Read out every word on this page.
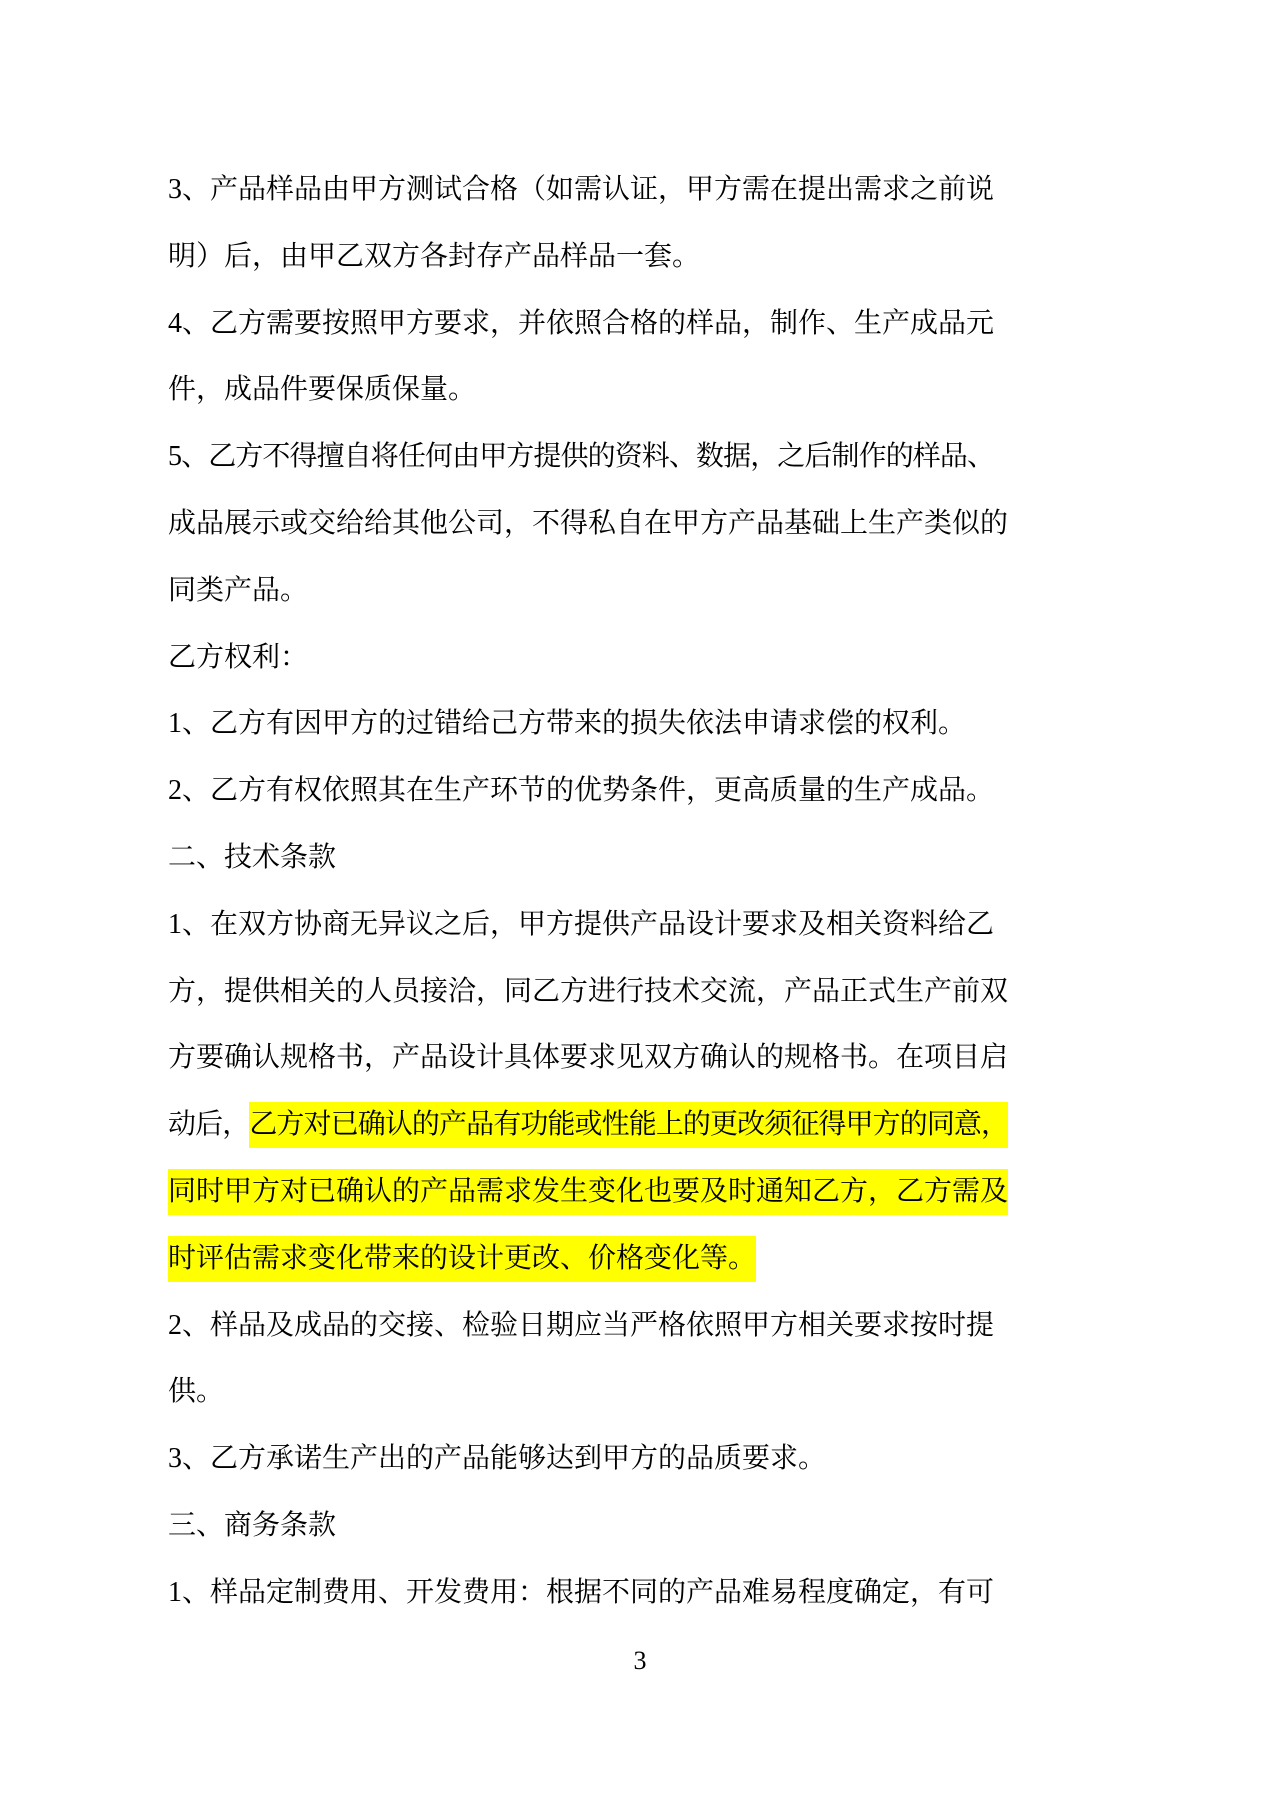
3、产品样品由甲方测试合格（如需认证，甲方需在提出需求之前说
明）后，由甲乙双方各封存产品样品一套。
4、乙方需要按照甲方要求，并依照合格的样品，制作、生产成品元
件，成品件要保质保量。
5、乙方不得擅自将任何由甲方提供的资料、数据，之后制作的样品、
成品展示或交给给其他公司，不得私自在甲方产品基础上生产类似的
同类产品。
乙方权利：
1、乙方有因甲方的过错给己方带来的损失依法申请求偿的权利。
2、乙方有权依照其在生产环节的优势条件，更高质量的生产成品。
二、技术条款
1、在双方协商无异议之后，甲方提供产品设计要求及相关资料给乙
方，提供相关的人员接洽，同乙方进行技术交流，产品正式生产前双
方要确认规格书，产品设计具体要求见双方确认的规格书。在项目启
动后，乙方对已确认的产品有功能或性能上的更改须征得甲方的同意，
同时甲方对已确认的产品需求发生变化也要及时通知乙方，乙方需及
时评估需求变化带来的设计更改、价格变化等。
2、样品及成品的交接、检验日期应当严格依照甲方相关要求按时提
供。
3、乙方承诺生产出的产品能够达到甲方的品质要求。
三、商务条款
1、样品定制费用、开发费用：根据不同的产品难易程度确定，有可
3
